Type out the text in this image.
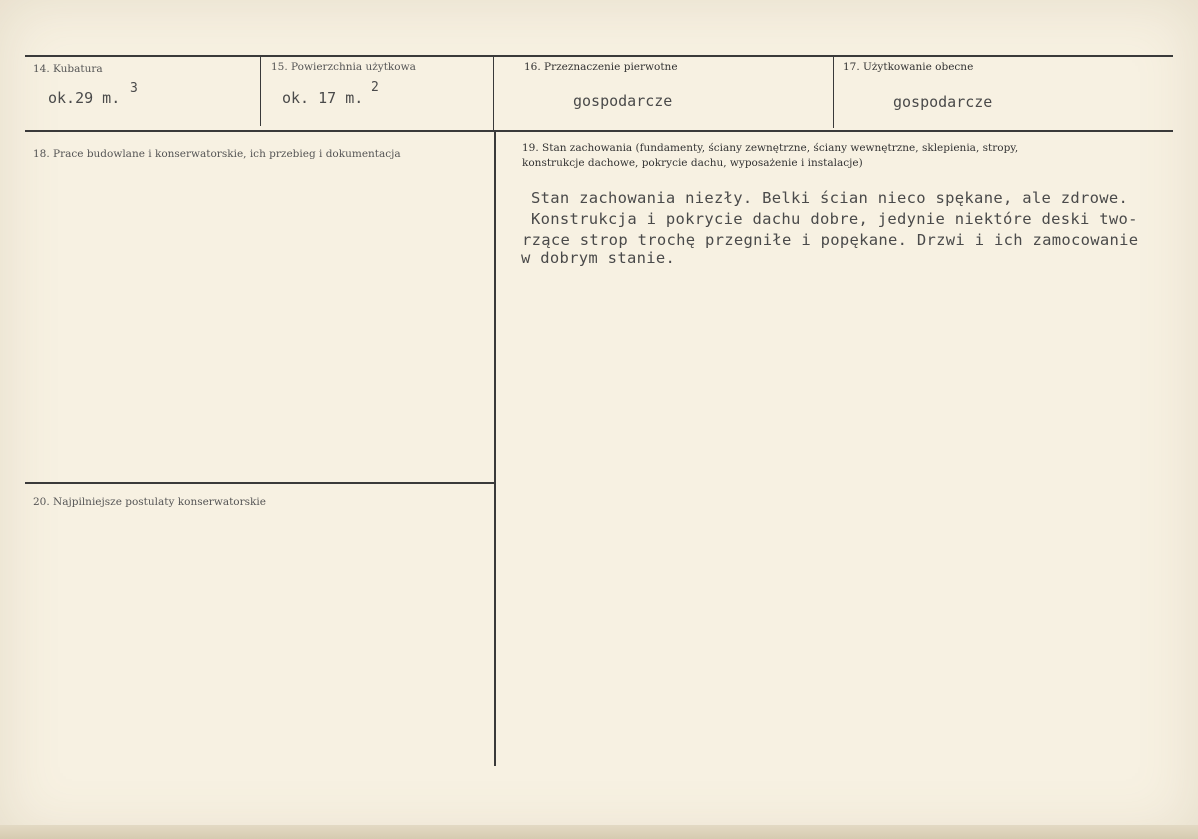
14. Kubatura
ok.29 m.
3
15. Powierzchnia użytkowa
ok. 17 m.
2
16. Przeznaczenie pierwotne
gospodarcze
17. Użytkowanie obecne
gospodarcze
18. Prace budowlane i konserwatorskie, ich przebieg i dokumentacja	19. Stan zachowania (fundamenty, ściany zewnętrzne, ściany wewnętrzne, sklepienia, stropy,
konstrukcje dachowe, pokrycie dachu, wyposażenie i instalacje)
Stan zachowania niezły. Belki ścian nieco spękane, ale zdrowe.
Konstrukcja i pokrycie dachu dobre, jedynie niektóre deski two-
rzące strop trochę przegniłe i popękane. Drzwi i ich zamocowanie
w dobrym stanie.
20. Najpilniejsze postulaty konserwatorskie
